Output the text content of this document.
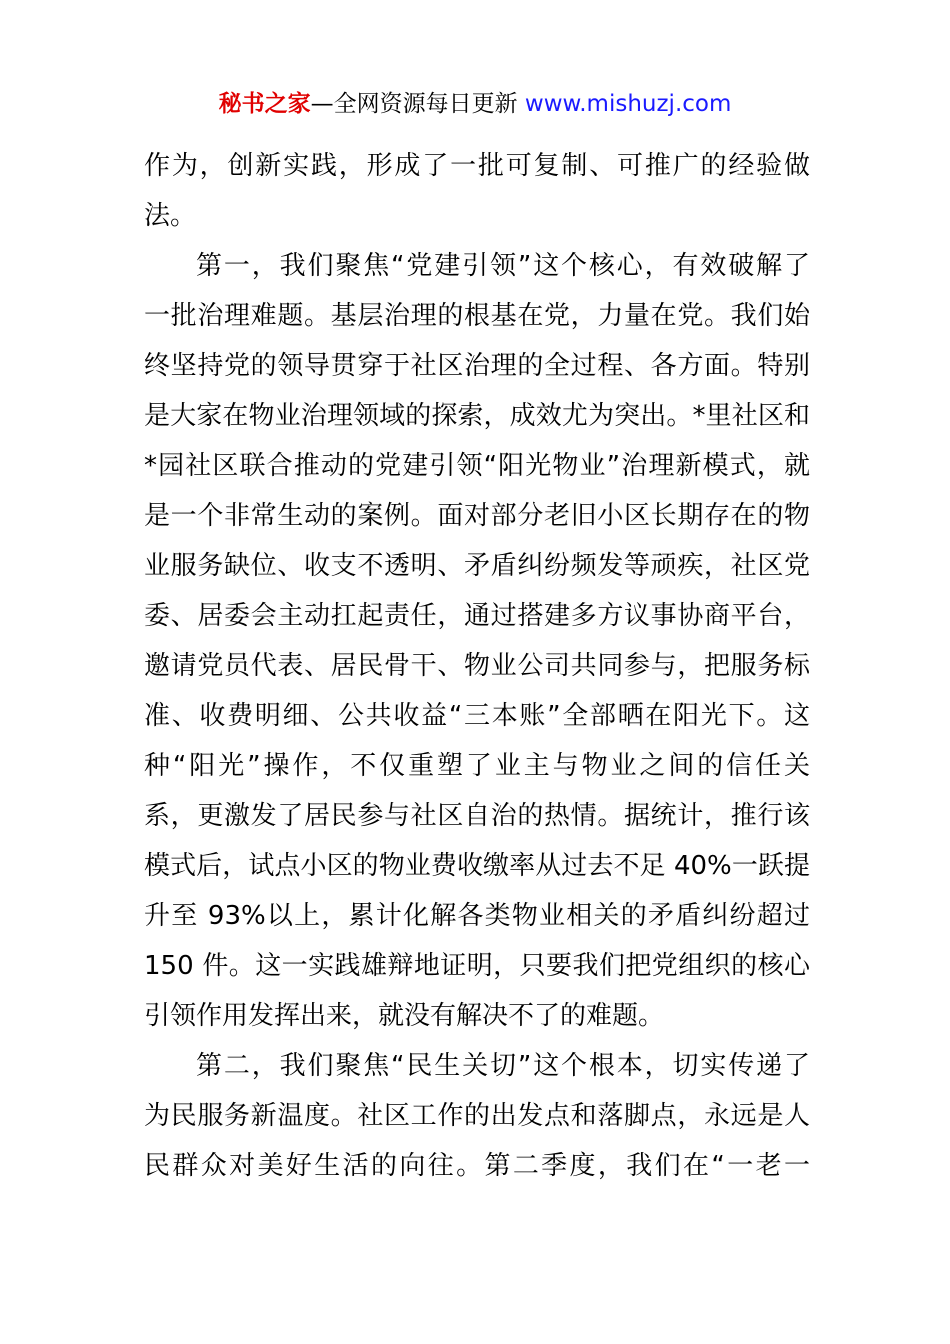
秘书之家—全网资源每日更新 www.mishuzj.com
作为，创新实践，形成了一批可复制、可推广的经验做
法。
第一，我们聚焦“党建引领”这个核心，有效破解了
一批治理难题。基层治理的根基在党，力量在党。我们始
终坚持党的领导贯穿于社区治理的全过程、各方面。特别
是大家在物业治理领域的探索，成效尤为突出。*里社区和
*园社区联合推动的党建引领“阳光物业”治理新模式，就
是一个非常生动的案例。面对部分老旧小区长期存在的物
业服务缺位、收支不透明、矛盾纠纷频发等顽疾，社区党
委、居委会主动扛起责任，通过搭建多方议事协商平台，
邀请党员代表、居民骨干、物业公司共同参与，把服务标
准、收费明细、公共收益“三本账”全部晒在阳光下。这
种“阳光”操作，不仅重塑了业主与物业之间的信任关
系，更激发了居民参与社区自治的热情。据统计，推行该
模式后，试点小区的物业费收缴率从过去不足 40%一跃提
升至 93%以上，累计化解各类物业相关的矛盾纠纷超过
150 件。这一实践雄辩地证明，只要我们把党组织的核心
引领作用发挥出来，就没有解决不了的难题。
第二，我们聚焦“民生关切”这个根本，切实传递了
为民服务新温度。社区工作的出发点和落脚点，永远是人
民群众对美好生活的向往。第二季度，我们在“一老一
